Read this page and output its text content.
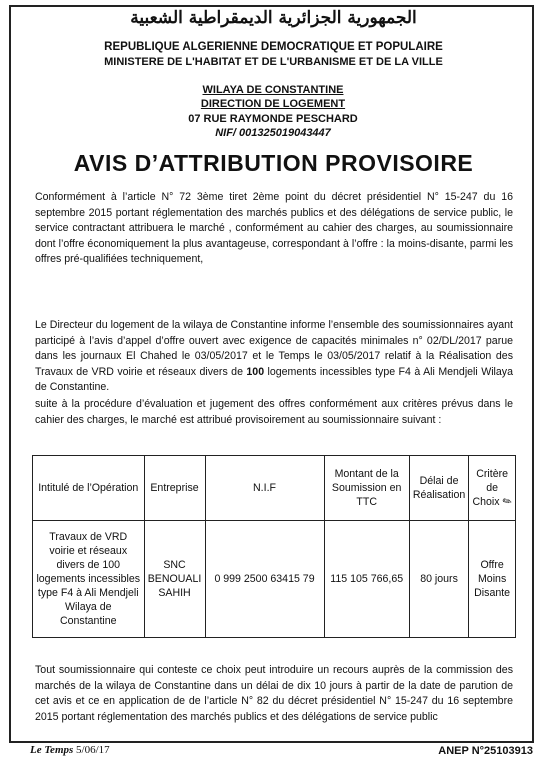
الجمهورية الجزائرية الديمقراطية الشعبية
REPUBLIQUE ALGERIENNE DEMOCRATIQUE ET POPULAIRE
MINISTERE DE L'HABITAT ET DE L'URBANISME ET DE LA VILLE
WILAYA DE CONSTANTINE
DIRECTION DE LOGEMENT
07 RUE RAYMONDE PESCHARD
NIF/ 001325019043447
AVIS D’ATTRIBUTION PROVISOIRE
Conformément à l’article N° 72 3ème tiret 2ème point du décret présidentiel N° 15-247 du 16 septembre 2015 portant réglementation des marchés publics et des délégations de service public, le service contractant attribuera le marché , conformément au cahier des charges, au soumissionnaire dont l’offre économiquement la plus avantageuse, correspondant à l’offre : la moins-disante, parmi les offres pré-qualifiées techniquement,
Le Directeur du logement de la wilaya de Constantine informe l’ensemble des soumissionnaires ayant participé à l’avis d’appel d’offre ouvert avec exigence de capacités minimales n° 02/DL/2017 parue dans les journaux El Chahed le 03/05/2017 et le Temps le 03/05/2017 relatif à la Réalisation des Travaux de VRD voirie et réseaux divers de 100 logements incessibles type F4 à Ali Mendjeli Wilaya de Constantine.
suite à la procédure d’évaluation et jugement des offres conformément aux critères prévus dans le cahier des charges, le marché est attribué provisoirement au soumissionnaire suivant :
Intitulé de l’Opération	Entreprise	N.I.F	Montant de la Soumission en TTC	Délai de Réalisation	Critère de Choix ✎
Travaux de VRD voirie et réseaux divers de 100 logements incessibles type F4 à Ali Mendjeli Wilaya de Constantine	SNC BENOUALI SAHIH	0 999 2500 63415 79	115 105 766,65	80 jours	Offre Moins Disante
Tout soumissionnaire qui conteste ce choix peut introduire un recours auprès de la commission des marchés de la wilaya de Constantine dans un délai de dix 10 jours à partir de la date de parution de cet avis et ce en application de de l’article N° 82 du décret présidentiel N° 15-247 du 16 septembre 2015 portant réglementation des marchés publics et des délégations de service public
Le Temps 5/06/17	ANEP N°25103913
